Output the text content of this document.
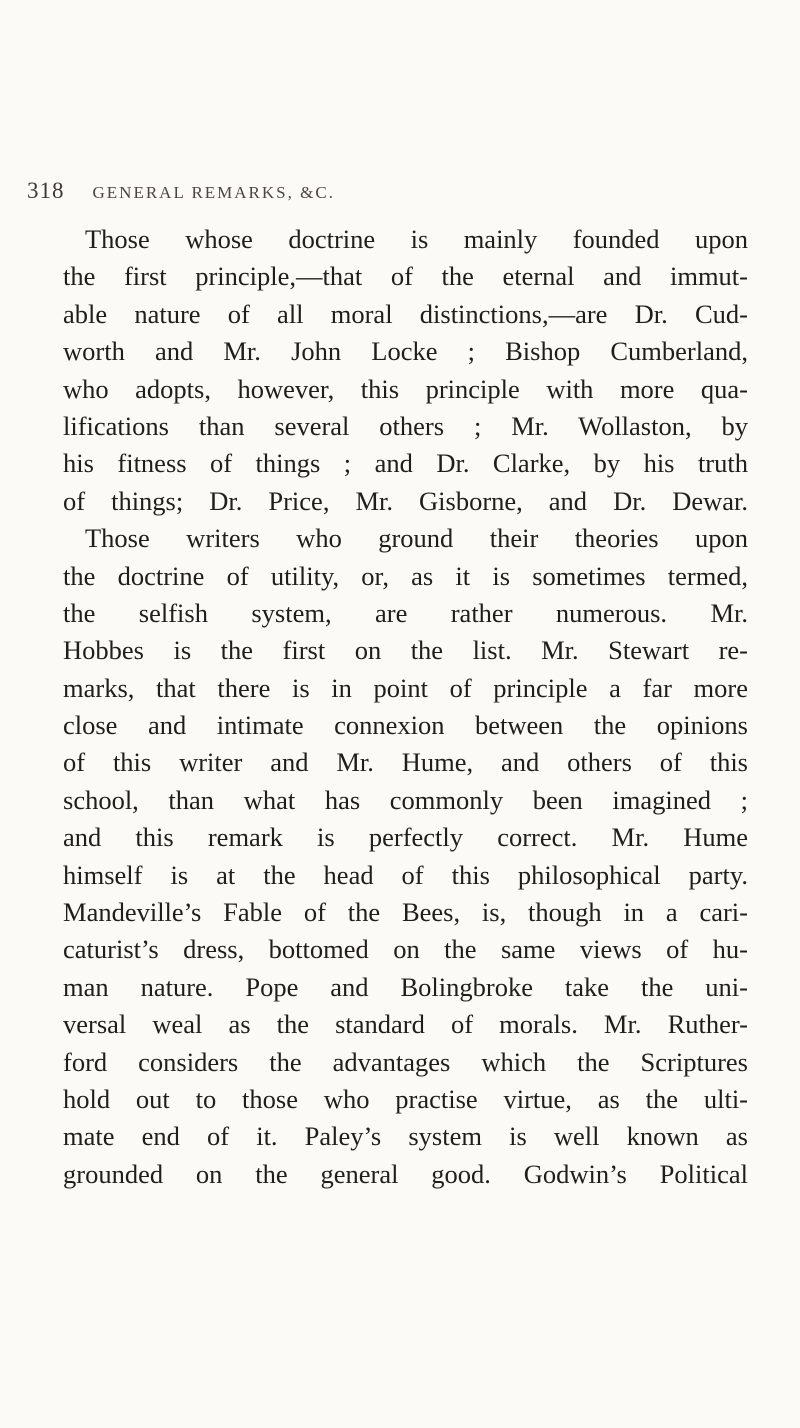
318 GENERAL REMARKS, &C.
Those whose doctrine is mainly founded upon
the first principle,—that of the eternal and immut-
able nature of all moral distinctions,—are Dr. Cud-
worth and Mr. John Locke ; Bishop Cumberland,
who adopts, however, this principle with more qua-
lifications than several others ; Mr. Wollaston, by
his fitness of things ; and Dr. Clarke, by his truth
of things; Dr. Price, Mr. Gisborne, and Dr. Dewar.
Those writers who ground their theories upon
the doctrine of utility, or, as it is sometimes termed,
the selfish system, are rather numerous. Mr.
Hobbes is the first on the list. Mr. Stewart re-
marks, that there is in point of principle a far more
close and intimate connexion between the opinions
of this writer and Mr. Hume, and others of this
school, than what has commonly been imagined ;
and this remark is perfectly correct. Mr. Hume
himself is at the head of this philosophical party.
Mandeville’s Fable of the Bees, is, though in a cari-
caturist’s dress, bottomed on the same views of hu-
man nature. Pope and Bolingbroke take the uni-
versal weal as the standard of morals. Mr. Ruther-
ford considers the advantages which the Scriptures
hold out to those who practise virtue, as the ulti-
mate end of it. Paley’s system is well known as
grounded on the general good. Godwin’s Political
